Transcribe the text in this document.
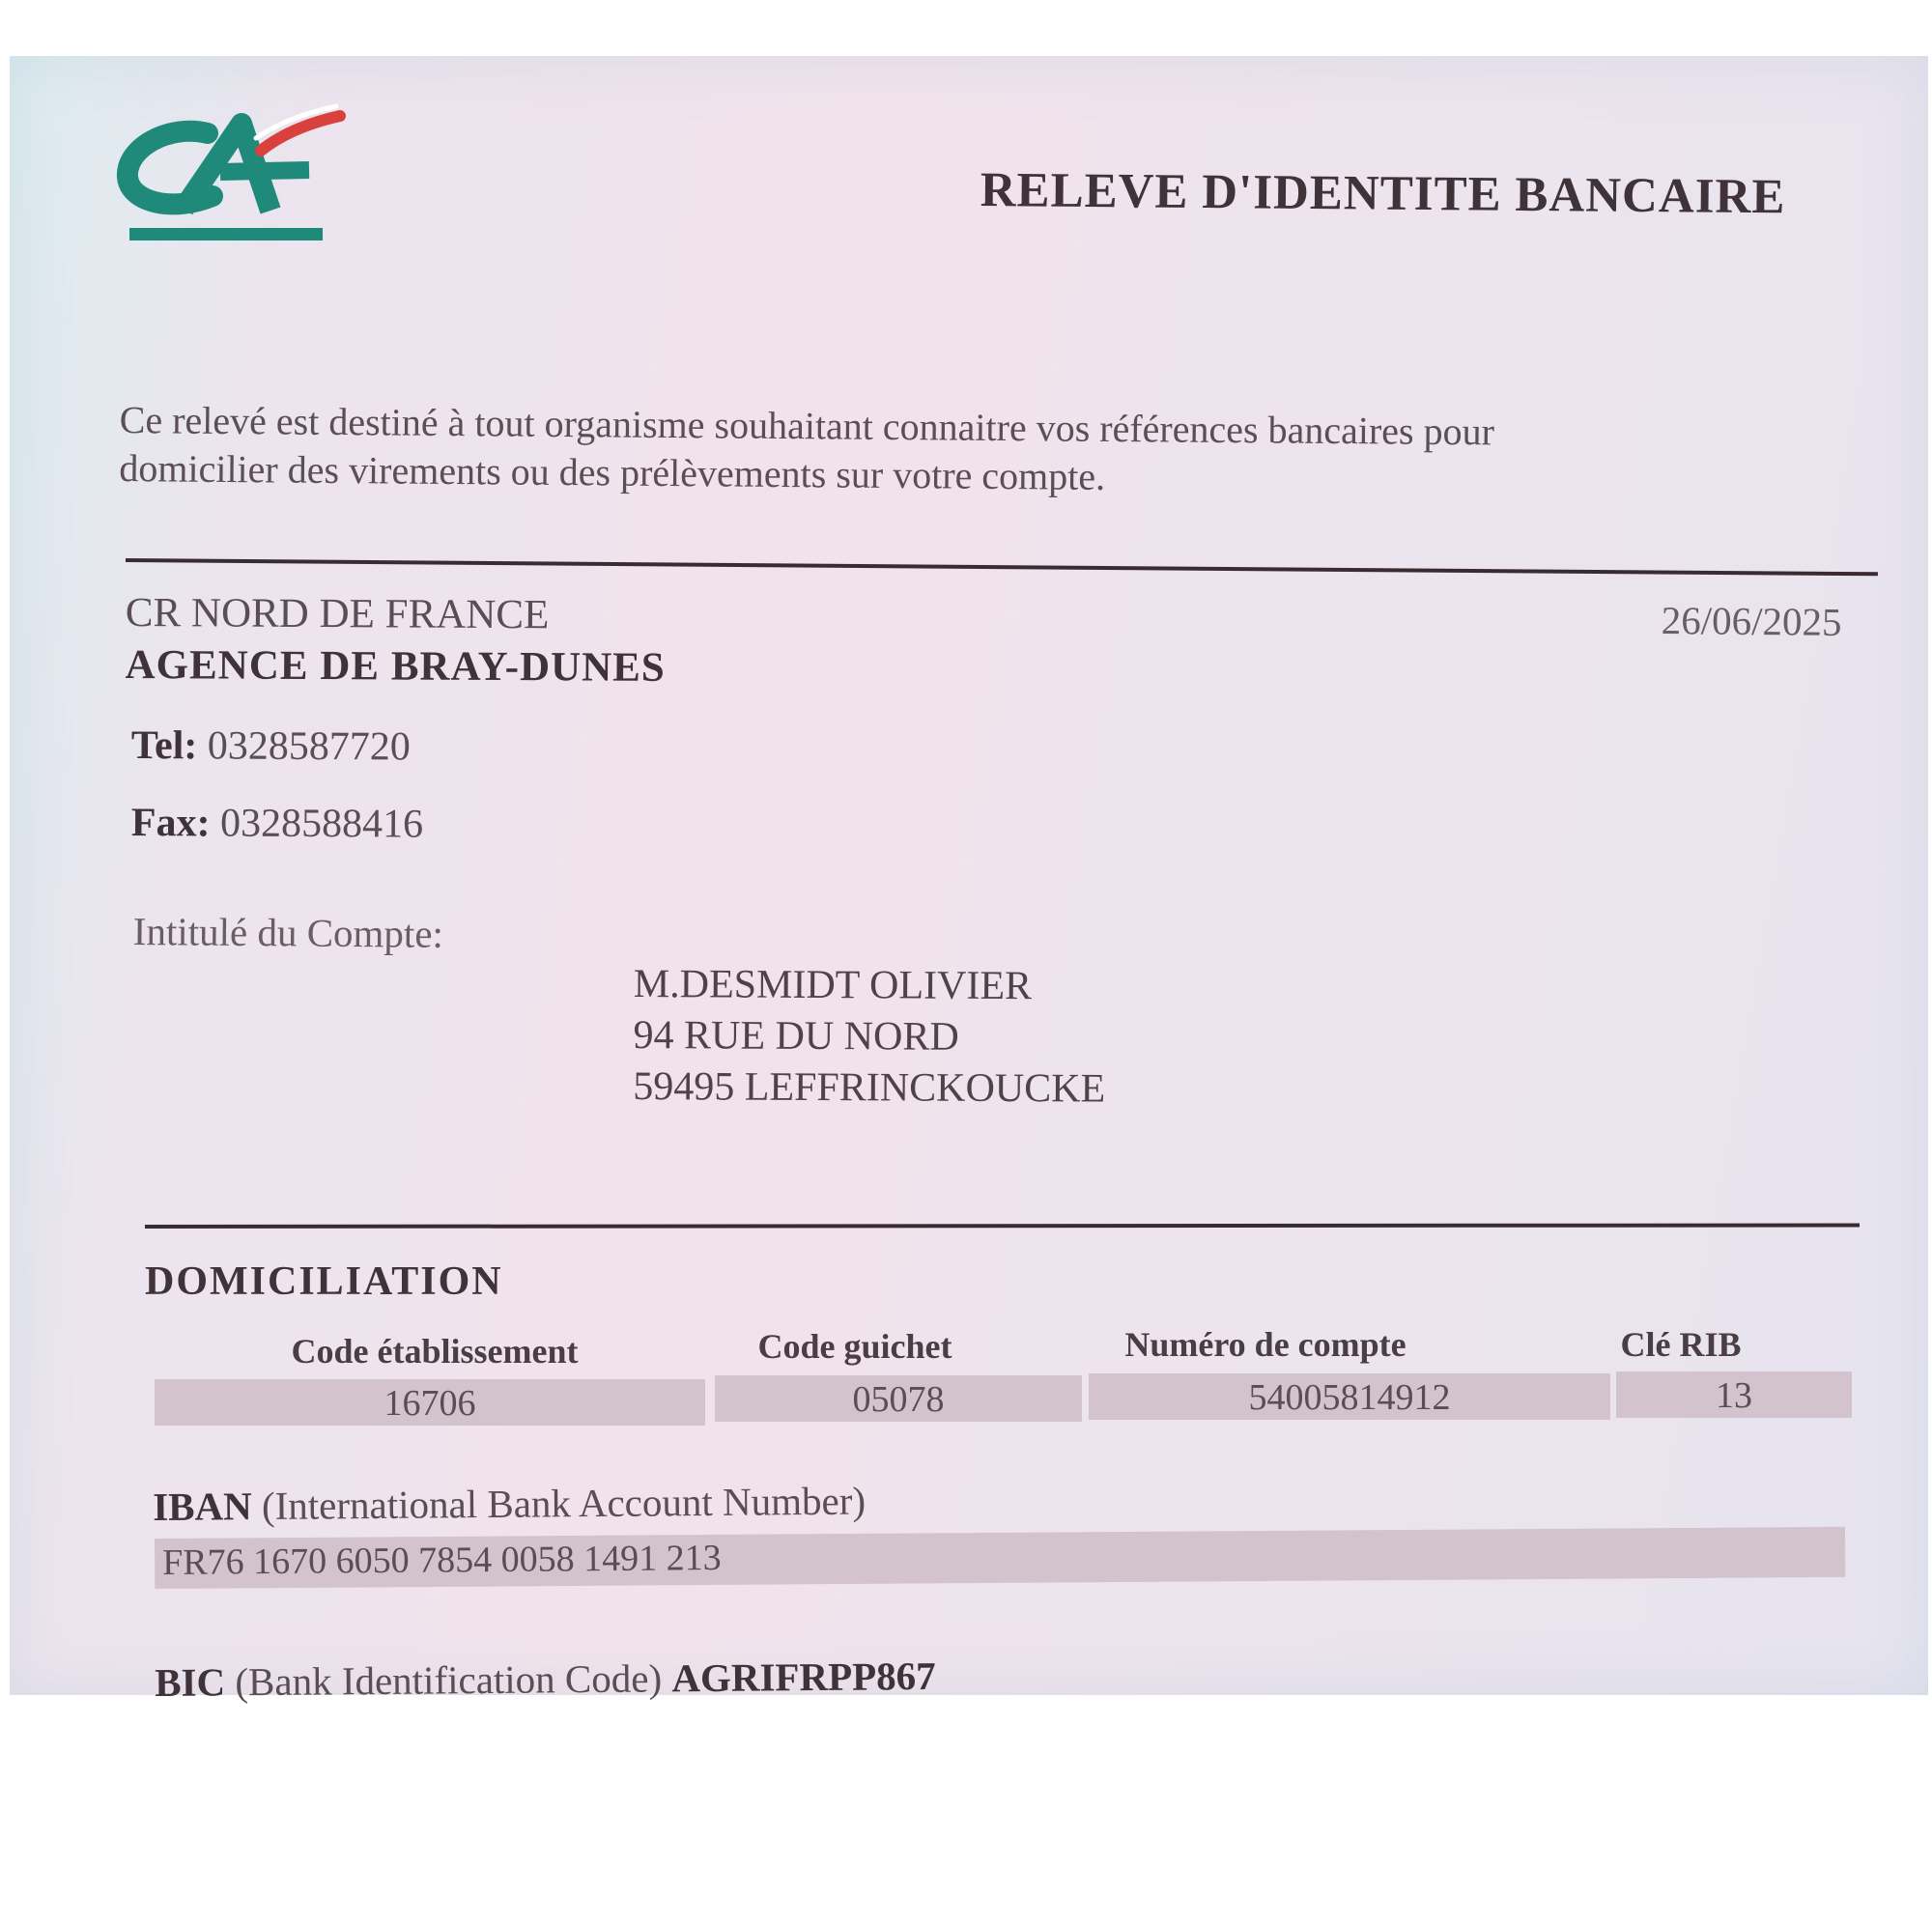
RELEVE D'IDENTITE BANCAIRE
Ce relevé est destiné à tout organisme souhaitant connaitre vos références bancaires pour
domicilier des virements ou des prélèvements sur votre compte.
CR NORD DE FRANCE
AGENCE DE BRAY-DUNES
26/06/2025
Tel: 0328587720
Fax: 0328588416
Intitulé du Compte:
M.DESMIDT OLIVIER
94 RUE DU NORD
59495 LEFFRINCKOUCKE
DOMICILIATION
Code établissement	Code guichet	Numéro de compte	Clé RIB
16706	05078	54005814912	13
IBAN (International Bank Account Number)
FR76 1670 6050 7854 0058 1491 213
BIC (Bank Identification Code) AGRIFRPP867
